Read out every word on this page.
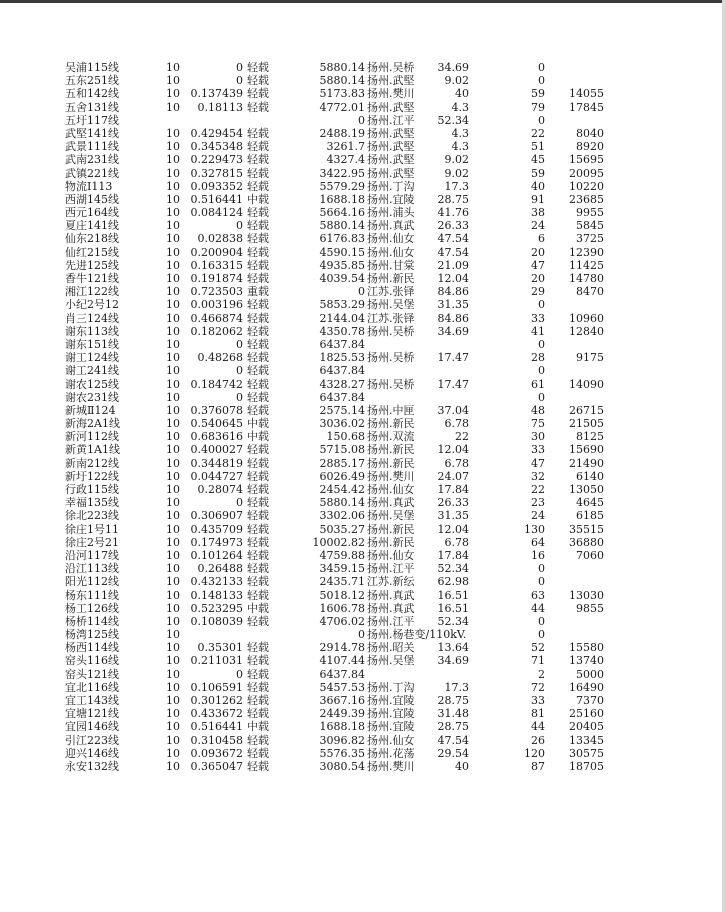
吴浦115线	10	0 轻载	5880.14 扬州.吴桥	34.69	0
五东251线	10	0 轻载	5880.14 扬州.武堅	9.02	0
五和142线	10 0.137439 轻载	5173.83 扬州.樊川	40	59	14055
五舍131线	10	0.18113 轻载	4772.01 扬州.武堅	4.3	79	17845
五圩117线	0 扬州.江平	52.34	0
武堅141线	10 0.429454 轻载	2488.19 扬州.武堅	4.3	22	8040
武景111线	10 0.345348 轻载	3261.7 扬州.武堅	4.3	51	8920
武南231线	10 0.229473 轻载	4327.4 扬州.武堅	9.02	45	15695
武镇221线	10 0.327815 轻载	3422.95 扬州.武堅	9.02	59	20095
物流Ⅰ113	10 0.093352 轻载	5579.29 扬州.丁沟	17.3	40	10220
西湖145线	10 0.516441 中载	1688.18 扬州.宜陵	28.75	91	23685
西元164线	10 0.084124 轻载	5664.16 扬州.浦头	41.76	38	9955
夏庄141线	10	0 轻载	5880.14 扬州.真武	26.33	24	5845
仙东218线	10	0.02838 轻载	6176.83 扬州.仙女	47.54	6	3725
仙红215线	10 0.200904 轻载	4590.15 扬州.仙女	47.54	20	12390
先进125线	10 0.163315 轻载	4935.85 扬州.甘棠	21.09	47	11425
香牛121线	10 0.191874 轻载	4039.54 扬州.新民	12.04	20	14780
湘江122线	10 0.723503 重载	0 江苏.张铎	84.86	29	8470
小纪2号12	10 0.003196 轻载	5853.29 扬州.吴堡	31.35	0
肖三124线	10 0.466874 轻载	2144.04 江苏.张铎	84.86	33	10960
谢东113线	10 0.182062 轻载	4350.78 扬州.吴桥	34.69	41	12840
谢东151线	10	0 轻载	6437.84	0
谢工124线	10	0.48268 轻载	1825.53 扬州.吴桥	17.47	28	9175
谢工241线	10	0 轻载	6437.84	0
谢农125线	10 0.184742 轻载	4328.27 扬州.吴桥	17.47	61	14090
谢农231线	10	0 轻载	6437.84	0
新城Ⅱ124	10 0.376078 轻载	2575.14 扬州.中匣	37.04	48	26715
新海2A1线	10 0.540645 中载	3036.02 扬州.新民	6.78	75	21505
新河112线	10 0.683616 中载	150.68 扬州.双流	22	30	8125
新黄1A1线	10 0.400027 轻载	5715.08 扬州.新民	12.04	33	15690
新南212线	10 0.344819 轻载	2885.17 扬州.新民	6.78	47	21490
新圩122线	10 0.044727 轻载	6026.49 扬州.樊川	24.07	32	6140
行政115线	10	0.28074 轻载	2454.42 扬州.仙女	17.84	22	13050
幸福135线	10	0 轻载	5880.14 扬州.真武	26.33	23	4645
徐北223线	10 0.306907 轻载	3302.06 扬州.吴堡	31.35	24	6185
徐庄1号11	10 0.435709 轻载	5035.27 扬州.新民	12.04	130	35515
徐庄2号21	10 0.174973 轻载	10002.82 扬州.新民	6.78	64	36880
沿河117线	10 0.101264 轻载	4759.88 扬州.仙女	17.84	16	7060
沿江113线	10	0.26488 轻载	3459.15 扬州.江平	52.34	0
阳光112线	10 0.432133 轻载	2435.71 江苏.新纭	62.98	0
杨东111线	10 0.148133 轻载	5018.12 扬州.真武	16.51	63	13030
杨工126线	10 0.523295 中载	1606.78 扬州.真武	16.51	44	9855
杨桥114线	10 0.108039 轻载	4706.02 扬州.江平	52.34	0
杨湾125线	10	0 扬州.杨巷变/110kV.	0
杨西114线	10	0.35301 轻载	2914.78 扬州.昭关	13.64	52	15580
窑头116线	10 0.211031 轻载	4107.44 扬州.吴堡	34.69	71	13740
窑头121线	10	0 轻载	6437.84	2	5000
宜北116线	10 0.106591 轻载	5457.53 扬州.丁沟	17.3	72	16490
宜工143线	10 0.301262 轻载	3667.16 扬州.宜陵	28.75	33	7370
宜塘121线	10 0.433672 轻载	2449.39 扬州.宜陵	31.48	81	25160
宜园146线	10 0.516441 中载	1688.18 扬州.宜陵	28.75	44	20405
引江223线	10 0.310458 轻载	3096.82 扬州.仙女	47.54	26	13345
迎兴146线	10 0.093672 轻载	5576.35 扬州.花荡	29.54	120	30575
永安132线	10 0.365047 轻载	3080.54 扬州.樊川	40	87	18705
